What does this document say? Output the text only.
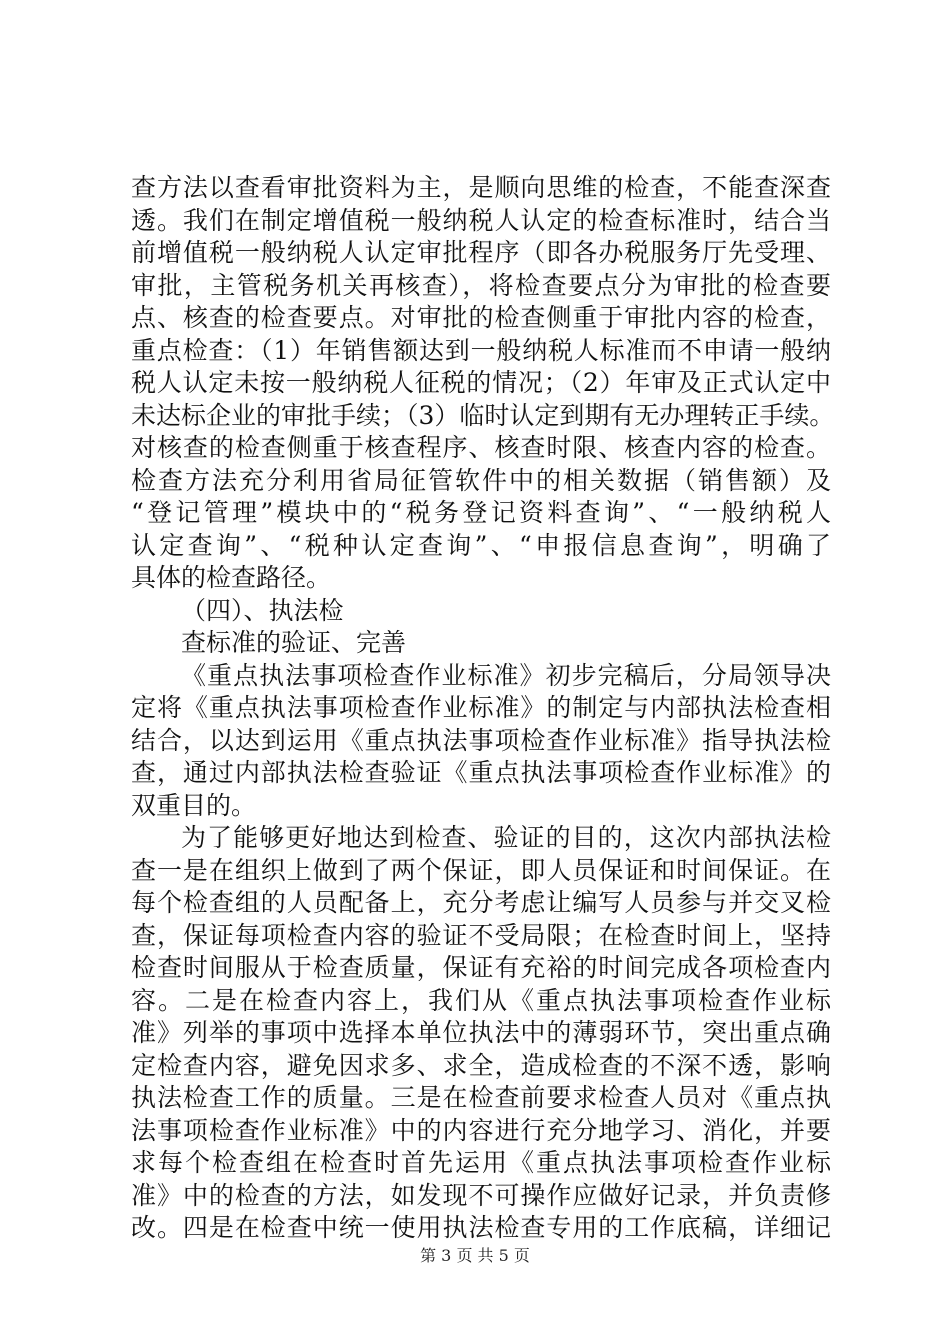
查方法以查看审批资料为主，是顺向思维的检查，不能查深查
透。我们在制定增值税一般纳税人认定的检查标准时，结合当
前增值税一般纳税人认定审批程序（即各办税服务厅先受理、
审批，主管税务机关再核查），将检查要点分为审批的检查要
点、核查的检查要点。对审批的检查侧重于审批内容的检查，
重点检查：（1）年销售额达到一般纳税人标准而不申请一般纳
税人认定未按一般纳税人征税的情况；（2）年审及正式认定中
未达标企业的审批手续；（3）临时认定到期有无办理转正手续。
对核查的检查侧重于核查程序、核查时限、核查内容的检查。
检查方法充分利用省局征管软件中的相关数据（销售额）及
“登记管理”模块中的“税务登记资料查询”、“一般纳税人
认定查询”、“税种认定查询”、“申报信息查询”，明确了
具体的检查路径。
（四）、执法检
查标准的验证、完善
《重点执法事项检查作业标准》初步完稿后，分局领导决
定将《重点执法事项检查作业标准》的制定与内部执法检查相
结合，以达到运用《重点执法事项检查作业标准》指导执法检
查，通过内部执法检查验证《重点执法事项检查作业标准》的
双重目的。
为了能够更好地达到检查、验证的目的，这次内部执法检
查一是在组织上做到了两个保证，即人员保证和时间保证。在
每个检查组的人员配备上，充分考虑让编写人员参与并交叉检
查，保证每项检查内容的验证不受局限；在检查时间上，坚持
检查时间服从于检查质量，保证有充裕的时间完成各项检查内
容。二是在检查内容上，我们从《重点执法事项检查作业标
准》列举的事项中选择本单位执法中的薄弱环节，突出重点确
定检查内容，避免因求多、求全，造成检查的不深不透，影响
执法检查工作的质量。三是在检查前要求检查人员对《重点执
法事项检查作业标准》中的内容进行充分地学习、消化，并要
求每个检查组在检查时首先运用《重点执法事项检查作业标
准》中的检查的方法，如发现不可操作应做好记录，并负责修
改。四是在检查中统一使用执法检查专用的工作底稿，详细记
第 3 页 共 5 页
